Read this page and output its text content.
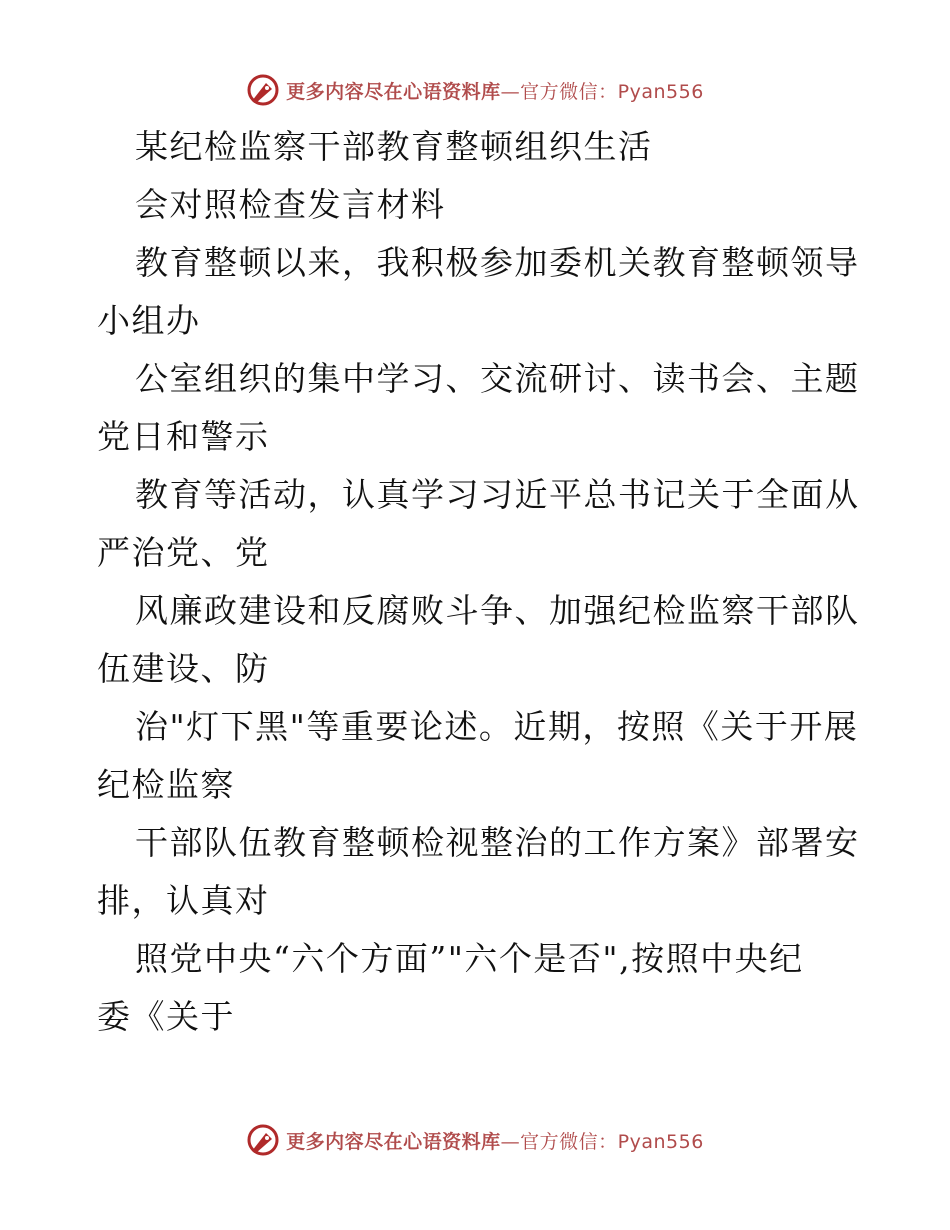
更多内容尽在心语资料库—官方微信：Pyan556
某纪检监察干部教育整顿组织生活
会对照检查发言材料
教育整顿以来，我积极参加委机关教育整顿领导
小组办
公室组织的集中学习、交流研讨、读书会、主题
党日和警示
教育等活动，认真学习习近平总书记关于全面从
严治党、党
风廉政建设和反腐败斗争、加强纪检监察干部队
伍建设、防
治"灯下黑"等重要论述。近期，按照《关于开展
纪检监察
干部队伍教育整顿检视整治的工作方案》部署安
排，认真对
照党中央“六个方面”"六个是否",按照中央纪
委《关于
更多内容尽在心语资料库—官方微信：Pyan556
